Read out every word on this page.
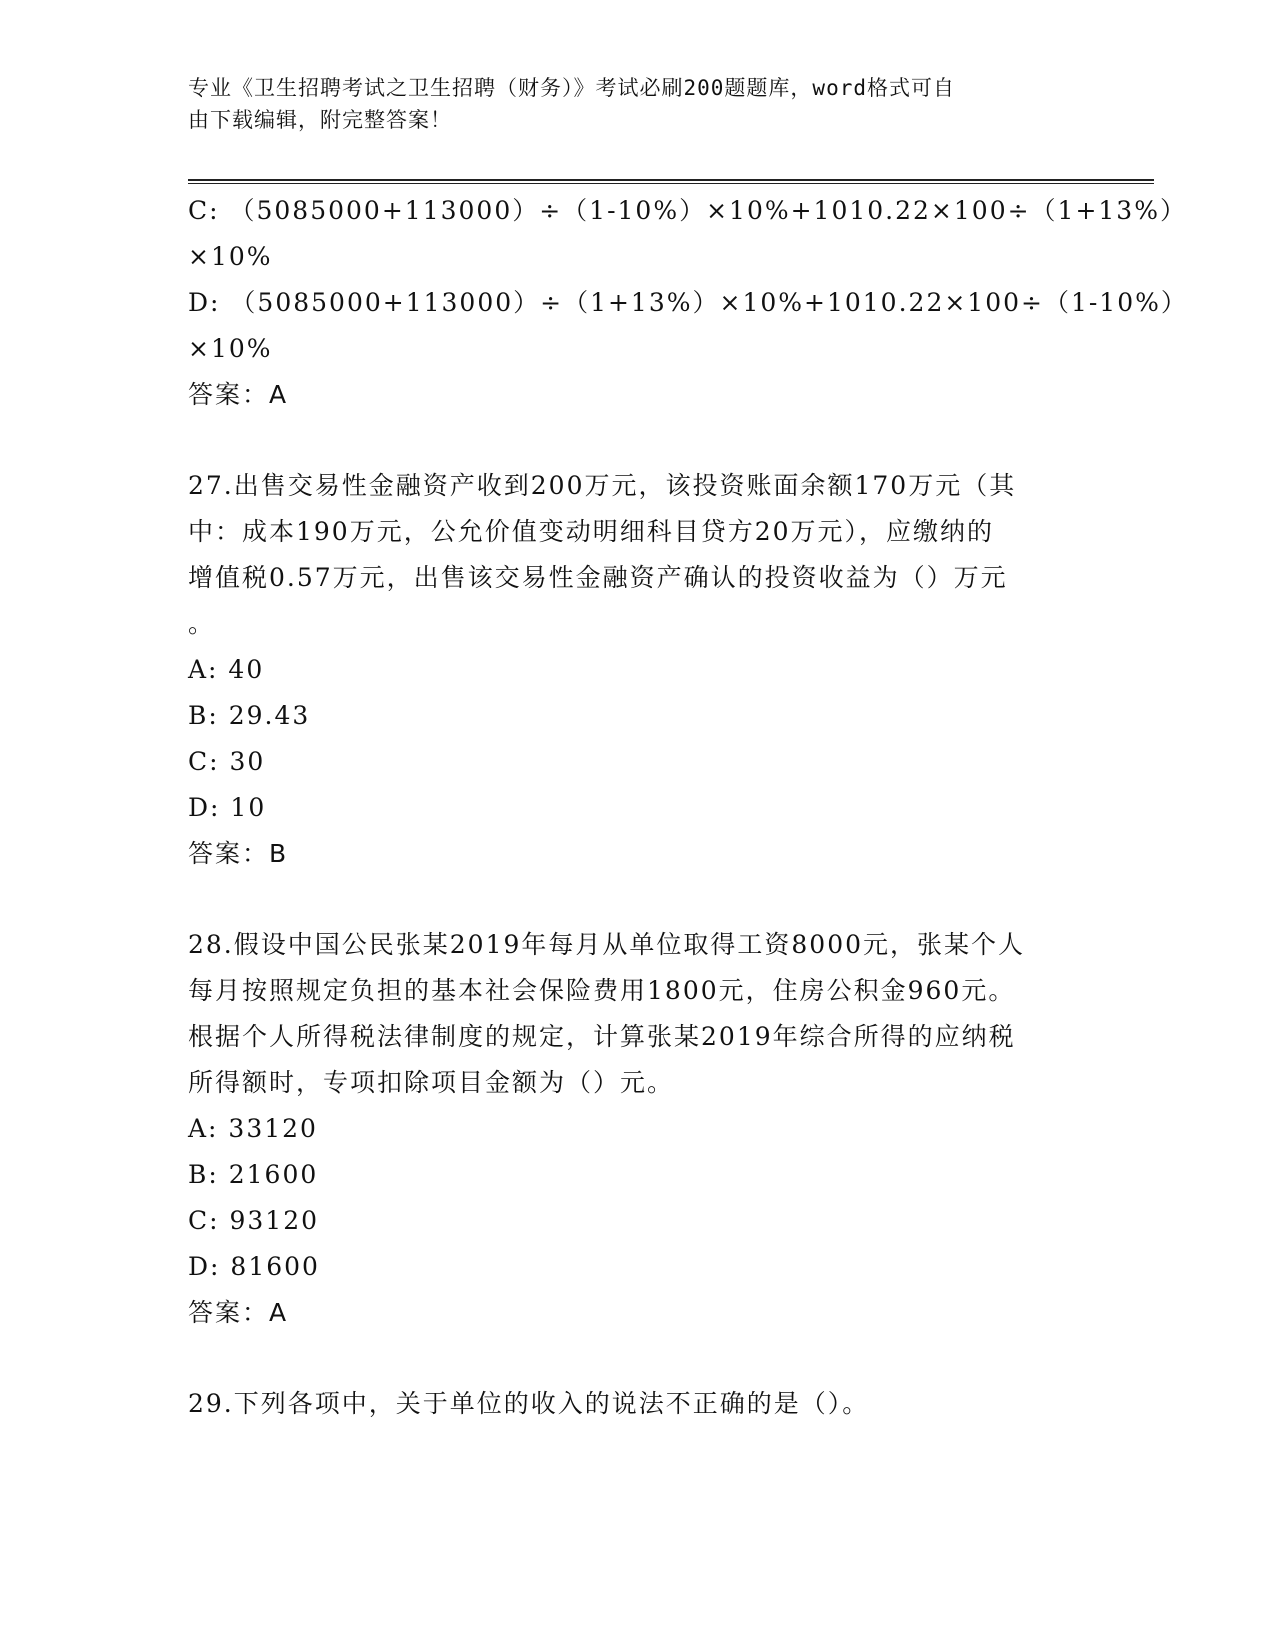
专业《卫生招聘考试之卫生招聘（财务）》考试必刷200题题库，word格式可自
由下载编辑，附完整答案！
C: （5085000+113000）÷（1-10%）×10%+1010.22×100÷（1+13%）
×10%
D: （5085000+113000）÷（1+13%）×10%+1010.22×100÷（1-10%）
×10%
答案：A
27.出售交易性金融资产收到200万元，该投资账面余额170万元（其
中：成本190万元，公允价值变动明细科目贷方20万元），应缴纳的
增值税0.57万元，出售该交易性金融资产确认的投资收益为（）万元
。
A: 40
B: 29.43
C: 30
D: 10
答案：B
28.假设中国公民张某2019年每月从单位取得工资8000元，张某个人
每月按照规定负担的基本社会保险费用1800元，住房公积金960元。
根据个人所得税法律制度的规定，计算张某2019年综合所得的应纳税
所得额时，专项扣除项目金额为（）元。
A: 33120
B: 21600
C: 93120
D: 81600
答案：A
29.下列各项中，关于单位的收入的说法不正确的是（）。
